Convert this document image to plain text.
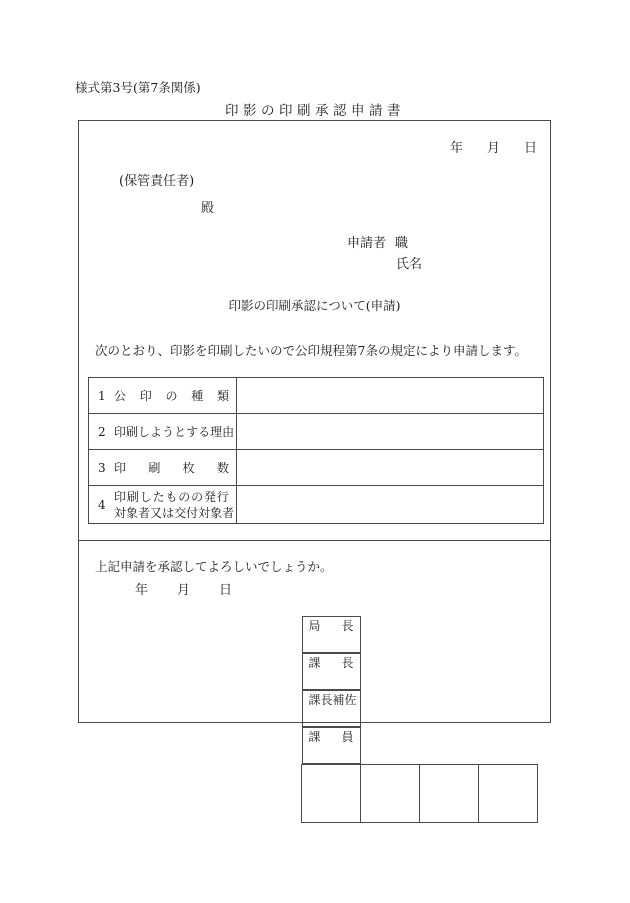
様式第3号(第7条関係)
印影の印刷承認申請書
年 月 日
(保管責任者)
殿
申請者 職
氏名
印影の印刷承認について(申請)
次のとおり、印影を印刷したいので公印規程第7条の規定により申請します。
1 公 印 の 種 類

2 印 刷 し よ う と す る 理 由

3 印 刷 枚 数	

4
印 刷 し た も の の 発 行
対 象 者 又 は 交 付 対 象 者

上記申請を承認してよろしいでしょうか。
年 月 日
局 長
課 長
課 長 補 佐
課 員
